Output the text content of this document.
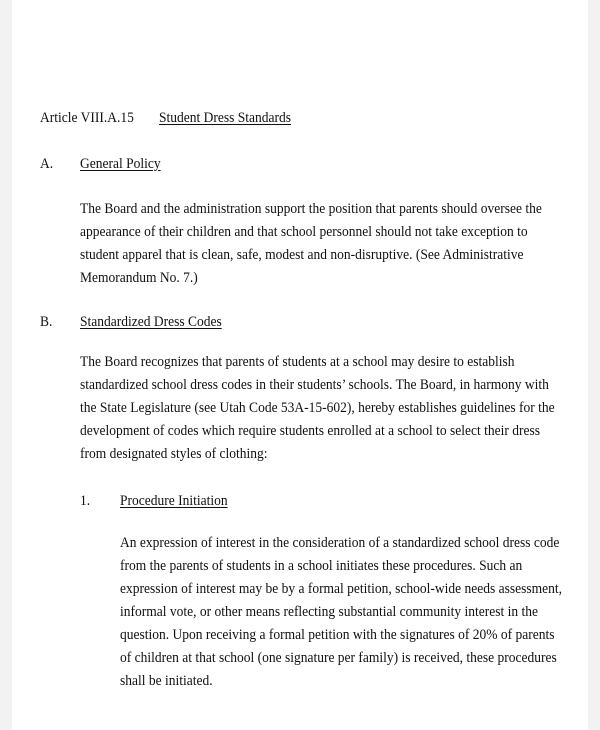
Article VIII.A.15 Student Dress Standards
A. General Policy
The Board and the administration support the position that parents should oversee the
appearance of their children and that school personnel should not take exception to
student apparel that is clean, safe, modest and non-disruptive. (See Administrative
Memorandum No. 7.)
B. Standardized Dress Codes
The Board recognizes that parents of students at a school may desire to establish
standardized school dress codes in their students’ schools. The Board, in harmony with
the State Legislature (see Utah Code 53A-15-602), hereby establishes guidelines for the
development of codes which require students enrolled at a school to select their dress
from designated styles of clothing:
1. Procedure Initiation
An expression of interest in the consideration of a standardized school dress code
from the parents of students in a school initiates these procedures. Such an
expression of interest may be by a formal petition, school-wide needs assessment,
informal vote, or other means reflecting substantial community interest in the
question. Upon receiving a formal petition with the signatures of 20% of parents
of children at that school (one signature per family) is received, these procedures
shall be initiated.
